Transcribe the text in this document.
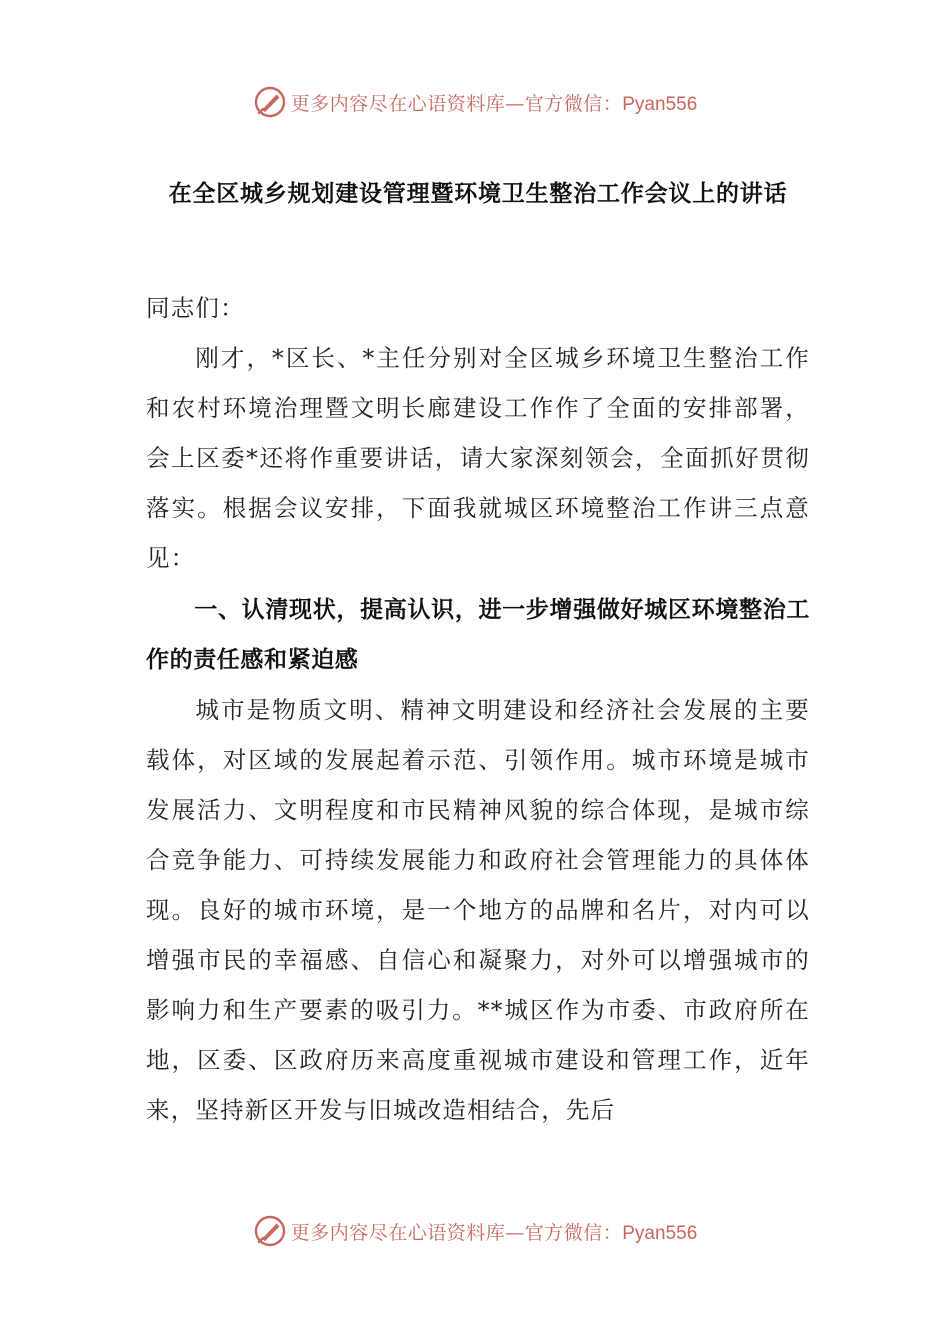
更多内容尽在心语资料库—官方微信：Pyan556
在全区城乡规划建设管理暨环境卫生整治工作会议上的讲话

同志们：

刚才，*区长、*主任分别对全区城乡环境卫生整治工作和农村环境治理暨文明长廊建设工作作了全面的安排部署，会上区委*还将作重要讲话，请大家深刻领会，全面抓好贯彻落实。根据会议安排，下面我就城区环境整治工作讲三点意见：

一、认清现状，提高认识，进一步增强做好城区环境整治工作的责任感和紧迫感

城市是物质文明、精神文明建设和经济社会发展的主要载体，对区域的发展起着示范、引领作用。城市环境是城市发展活力、文明程度和市民精神风貌的综合体现，是城市综合竞争能力、可持续发展能力和政府社会管理能力的具体体现。良好的城市环境，是一个地方的品牌和名片，对内可以增强市民的幸福感、自信心和凝聚力，对外可以增强城市的影响力和生产要素的吸引力。**城区作为市委、市政府所在地，区委、区政府历来高度重视城市建设和管理工作，近年来，坚持新区开发与旧城改造相结合，先后

更多内容尽在心语资料库—官方微信：Pyan556
